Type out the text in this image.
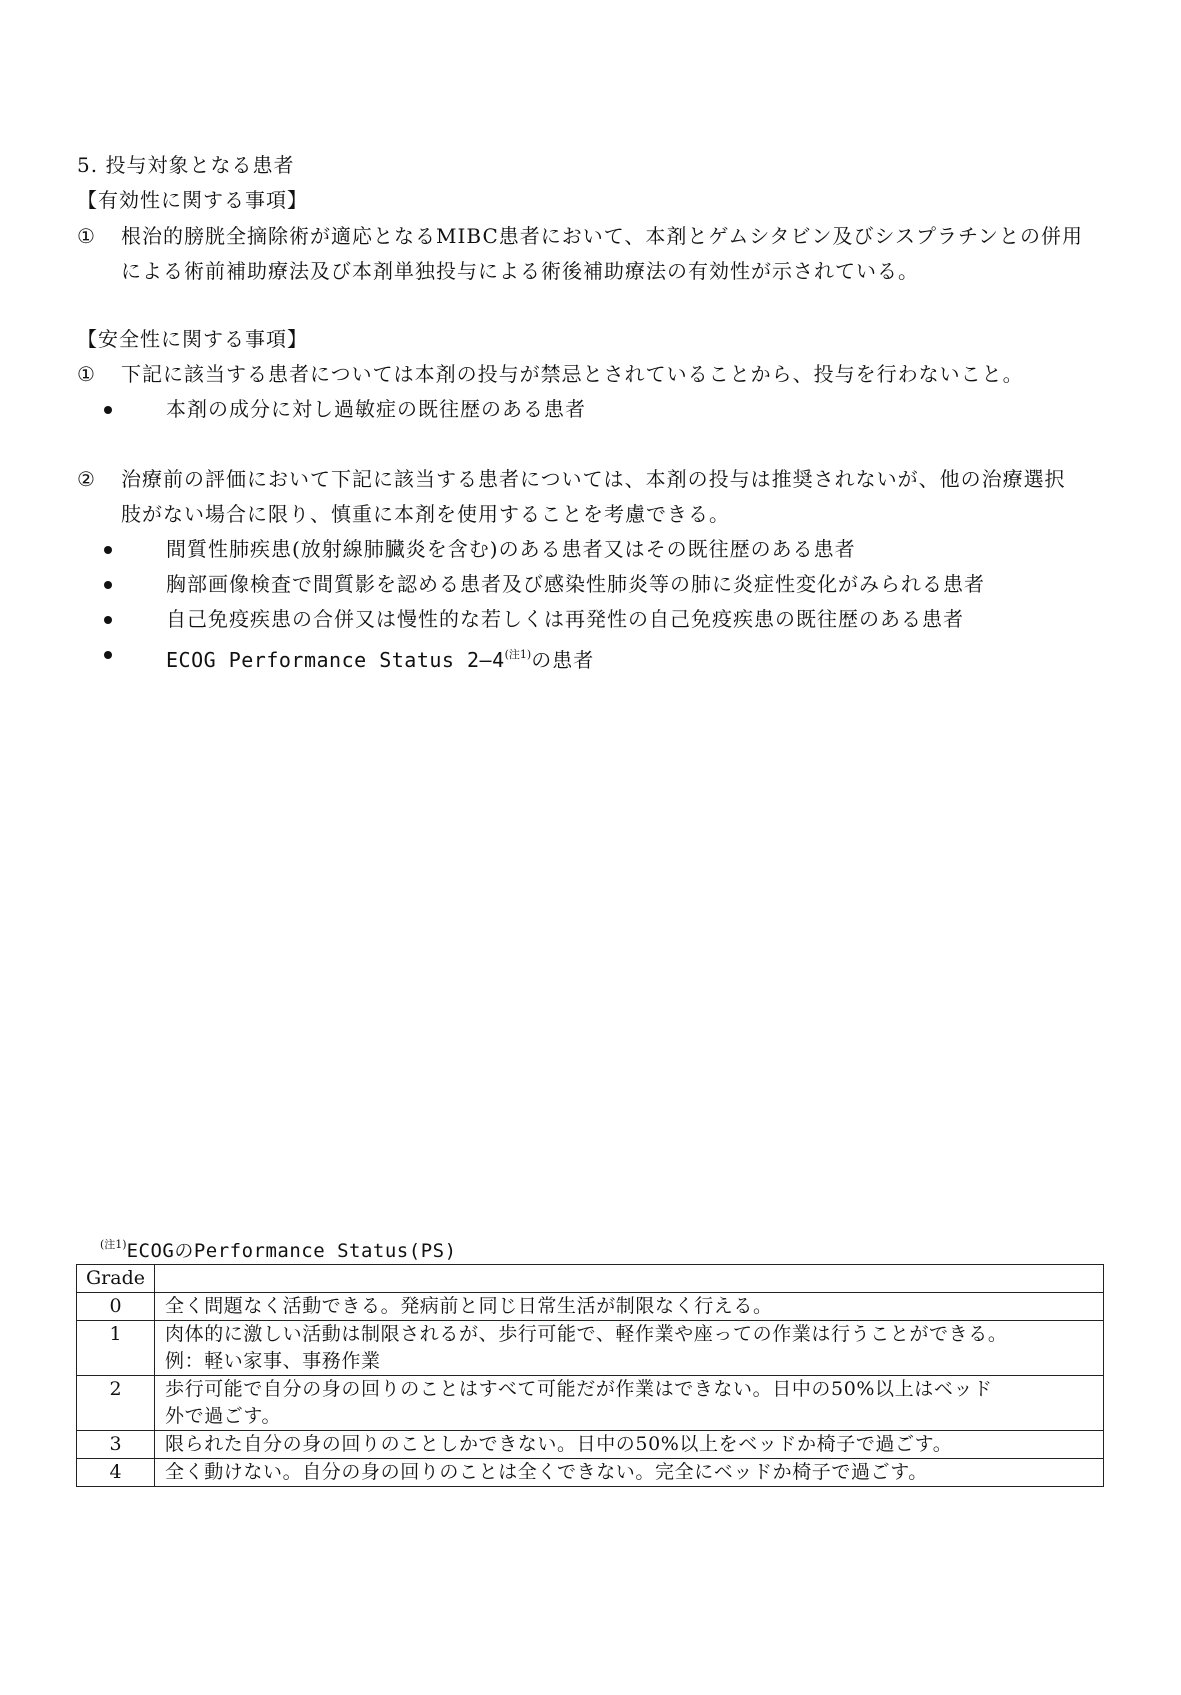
5. 投与対象となる患者
【有効性に関する事項】
① 根治的膀胱全摘除術が適応となるMIBC患者において、本剤とゲムシタビン及びシスプラチンとの併用
による術前補助療法及び本剤単独投与による術後補助療法の有効性が示されている。
【安全性に関する事項】
① 下記に該当する患者については本剤の投与が禁忌とされていることから、投与を行わないこと。
本剤の成分に対し過敏症の既往歴のある患者
② 治療前の評価において下記に該当する患者については、本剤の投与は推奨されないが、他の治療選択
肢がない場合に限り、慎重に本剤を使用することを考慮できる。
間質性肺疾患(放射線肺臓炎を含む)のある患者又はその既往歴のある患者
胸部画像検査で間質影を認める患者及び感染性肺炎等の肺に炎症性変化がみられる患者
自己免疫疾患の合併又は慢性的な若しくは再発性の自己免疫疾患の既往歴のある患者
ECOG Performance Status 2―4$^{(注1)}$の患者
$^{(注1)}$ECOGのPerformance Status(PS)
Grade	
0	全く問題なく活動できる。発病前と同じ日常生活が制限なく行える。

1	肉体的に激しい活動は制限されるが、歩行可能で、軽作業や座っての作業は行うことができる。
例：軽い家事、事務作業

2	歩行可能で自分の身の回りのことはすべて可能だが作業はできない。日中の50%以上はベッド
外で過ごす。

3	限られた自分の身の回りのことしかできない。日中の50%以上をベッドか椅子で過ごす。

4	全く動けない。自分の身の回りのことは全くできない。完全にベッドか椅子で過ごす。
